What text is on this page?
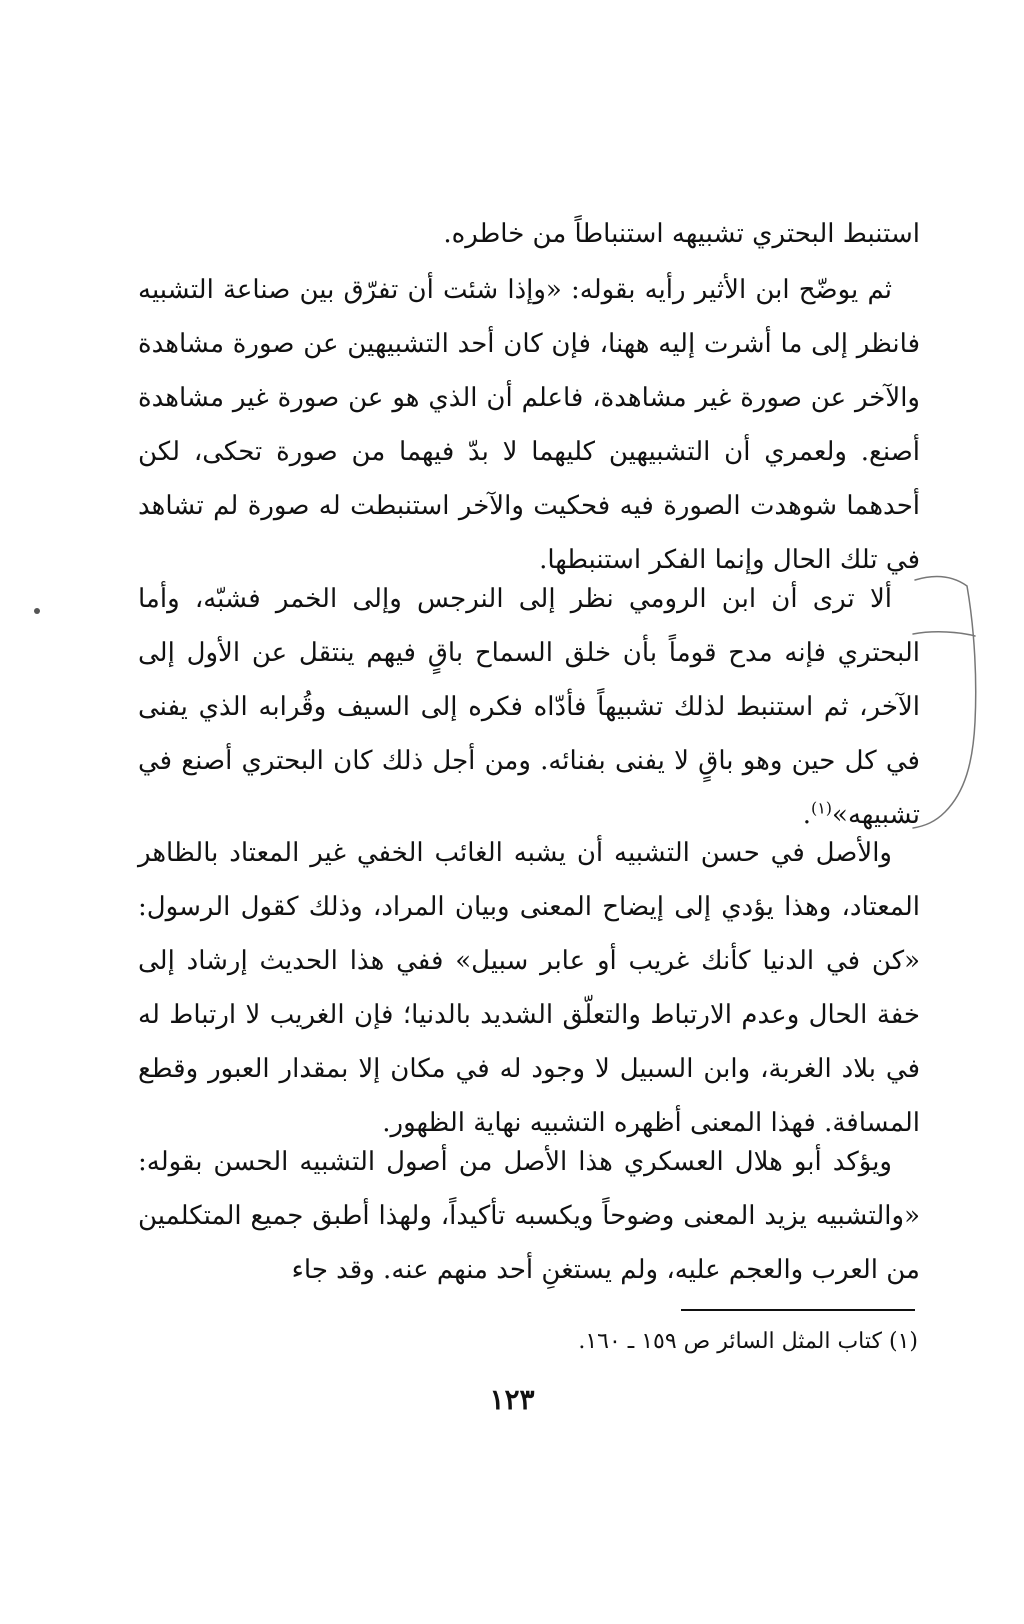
استنبط البحتري تشبيهه استنباطاً من خاطره.

ثم يوضّح ابن الأثير رأيه بقوله: «وإذا شئت أن تفرّق بين صناعة التشبيه فانظر إلى ما أشرت إليه ههنا، فإن كان أحد التشبيهين عن صورة مشاهدة والآخر عن صورة غير مشاهدة، فاعلم أن الذي هو عن صورة غير مشاهدة أصنع. ولعمري أن التشبيهين كليهما لا بدّ فيهما من صورة تحكى، لكن أحدهما شوهدت الصورة فيه فحكيت والآخر استنبطت له صورة لم تشاهد في تلك الحال وإنما الفكر استنبطها.

ألا ترى أن ابن الرومي نظر إلى النرجس وإلى الخمر فشبّه، وأما البحتري فإنه مدح قوماً بأن خلق السماح باقٍ فيهم ينتقل عن الأول إلى الآخر، ثم استنبط لذلك تشبيهاً فأدّاه فكره إلى السيف وقُرابه الذي يفنى في كل حين وهو باقٍ لا يفنى بفنائه. ومن أجل ذلك كان البحتري أصنع في تشبيهه»$^{(١)}$.

والأصل في حسن التشبيه أن يشبه الغائب الخفي غير المعتاد بالظاهر المعتاد، وهذا يؤدي إلى إيضاح المعنى وبيان المراد، وذلك كقول الرسول: «كن في الدنيا كأنك غريب أو عابر سبيل» ففي هذا الحديث إرشاد إلى خفة الحال وعدم الارتباط والتعلّق الشديد بالدنيا؛ فإن الغريب لا ارتباط له في بلاد الغربة، وابن السبيل لا وجود له في مكان إلا بمقدار العبور وقطع المسافة. فهذا المعنى أظهره التشبيه نهاية الظهور.

ويؤكد أبو هلال العسكري هذا الأصل من أصول التشبيه الحسن بقوله: «والتشبيه يزيد المعنى وضوحاً ويكسبه تأكيداً، ولهذا أطبق جميع المتكلمين من العرب والعجم عليه، ولم يستغنِ أحد منهم عنه. وقد جاء

(١) كتاب المثل السائر ص ١٥٩ ـ ١٦٠.
١٢٣
